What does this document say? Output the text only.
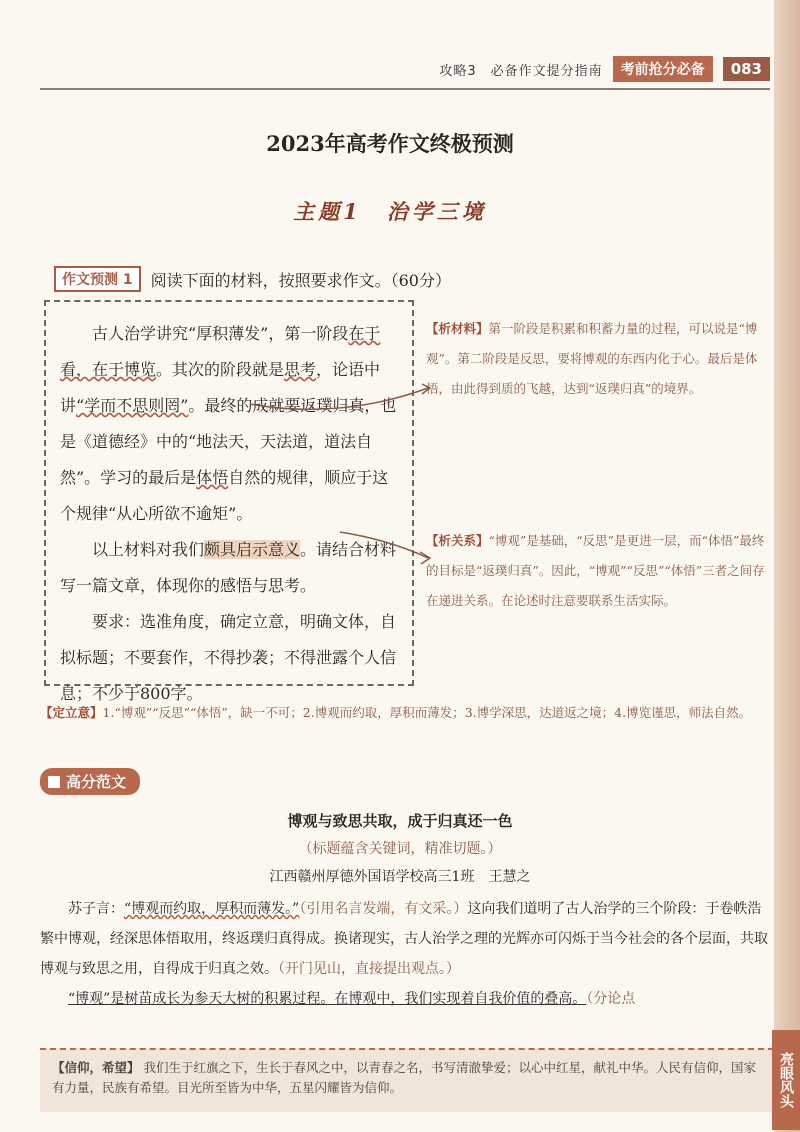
攻略3　必备作文提分指南	考前抢分必备	083
2023年高考作文终极预测
主题1　治学三境
作文预测 1	阅读下面的材料，按照要求作文。（60分）

古人治学讲究“厚积薄发”，第一阶段在于看，在于博览。其次的阶段就是思考，论语中讲“学而不思则罔”。最终的成就要返璞归真，也是《道德经》中的“地法天，天法道，道法自然”。学习的最后是体悟自然的规律，顺应于这个规律“从心所欲不逾矩”。

以上材料对我们颇具启示意义。请结合材料写一篇文章，体现你的感悟与思考。

要求：选准角度，确定立意，明确文体，自拟标题；不要套作，不得抄袭；不得泄露个人信息；不少于800字。

【析材料】第一阶段是积累和积蓄力量的过程，可以说是“博观”。第二阶段是反思，要将博观的东西内化于心。最后是体悟，由此得到质的飞越，达到“返璞归真”的境界。
【析关系】“博观”是基础，“反思”是更进一层，而“体悟”最终的目标是“返璞归真”。因此，“博观”“反思”“体悟”三者之间存在递进关系。在论述时注意要联系生活实际。
【定立意】1.“博观”“反思”“体悟”，缺一不可；2.博观而约取，厚积而薄发；3.博学深思，达道返之境；4.博览谨思，师法自然。
高分范文
博观与致思共取，成于归真还一色
（标题蕴含关键词，精准切题。）
江西赣州厚德外国语学校高三1班　王慧之

苏子言：“博观而约取，厚积而薄发。”（引用名言发端，有文采。）这向我们道明了古人治学的三个阶段：于卷帙浩繁中博观，经深思体悟取用，终返璞归真得成。换诸现实，古人治学之理的光辉亦可闪烁于当今社会的各个层面，共取博观与致思之用，自得成于归真之效。（开门见山，直接提出观点。）

“博观”是树苗成长为参天大树的积累过程。在博观中，我们实现着自我价值的叠高。（分论点

【信仰，希望】 我们生于红旗之下，生长于春风之中，以青春之名，书写清澈挚爱；以心中红星，献礼中华。人民有信仰，国家有力量，民族有希望。目光所至皆为中华，五星闪耀皆为信仰。	亮眼风头
